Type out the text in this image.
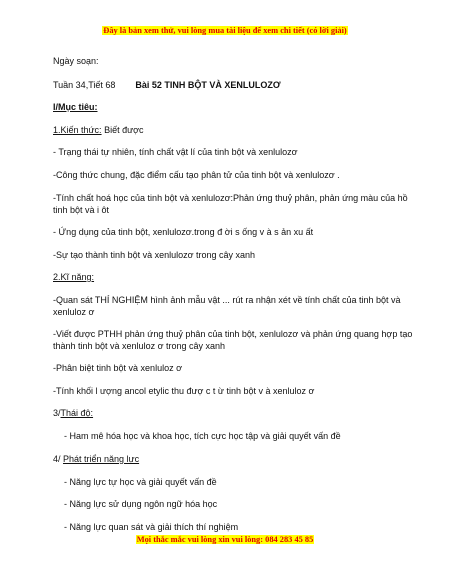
Đây là bản xem thử, vui lòng mua tài liệu để xem chi tiết (có lời giải)
Ngày soạn:
Tuần 34,Tiết 68 Bài 52 TINH BỘT VÀ XENLULOZƠ
I/Mục tiêu:
1.Kiến thức: Biết được
- Trạng thái tự nhiên, tính chất vật lí của tinh bột và xenlulozơ
-Công thức chung, đặc điểm cấu tạo phân tử của tinh bột và xenlulozơ .
-Tính chất hoá học của tinh bột và xenlulozơ:Phản ứng thuỷ phân, phản ứng màu của hồ tinh bột và i ôt
- Ứng dụng của tinh bột, xenlulozơ.trong đ ời s ống v à s ản xu ất
-Sự tạo thành tinh bột và xenlulozơ trong cây xanh
2.Kĩ năng:
-Quan sát THÍ NGHIỆM hình ảnh mẫu vật ... rút ra nhận xét về tính chất của tinh bột và xenluloz ơ
-Viết được PTHH phản ứng thuỷ phân của tinh bột, xenlulozơ và phản ứng quang hợp tạo thành tinh bột và xenluloz ơ trong cây xanh
-Phân biệt tinh bột và xenluloz ơ
-Tính khối l ượng ancol etylic thu đượ c t ừ tinh bột v à xenluloz ơ
3/Thái độ:
- Ham mê hóa học và khoa học, tích cực học tập và giải quyết vấn đề
4/ Phát triển năng lực
- Năng lực tự học và giải quyết vấn đề
- Năng lực sử dụng ngôn ngữ hóa học
- Năng lực quan sát và giải thích thí nghiệm
Mọi thắc mắc vui lòng xin vui lòng: 084 283 45 85
